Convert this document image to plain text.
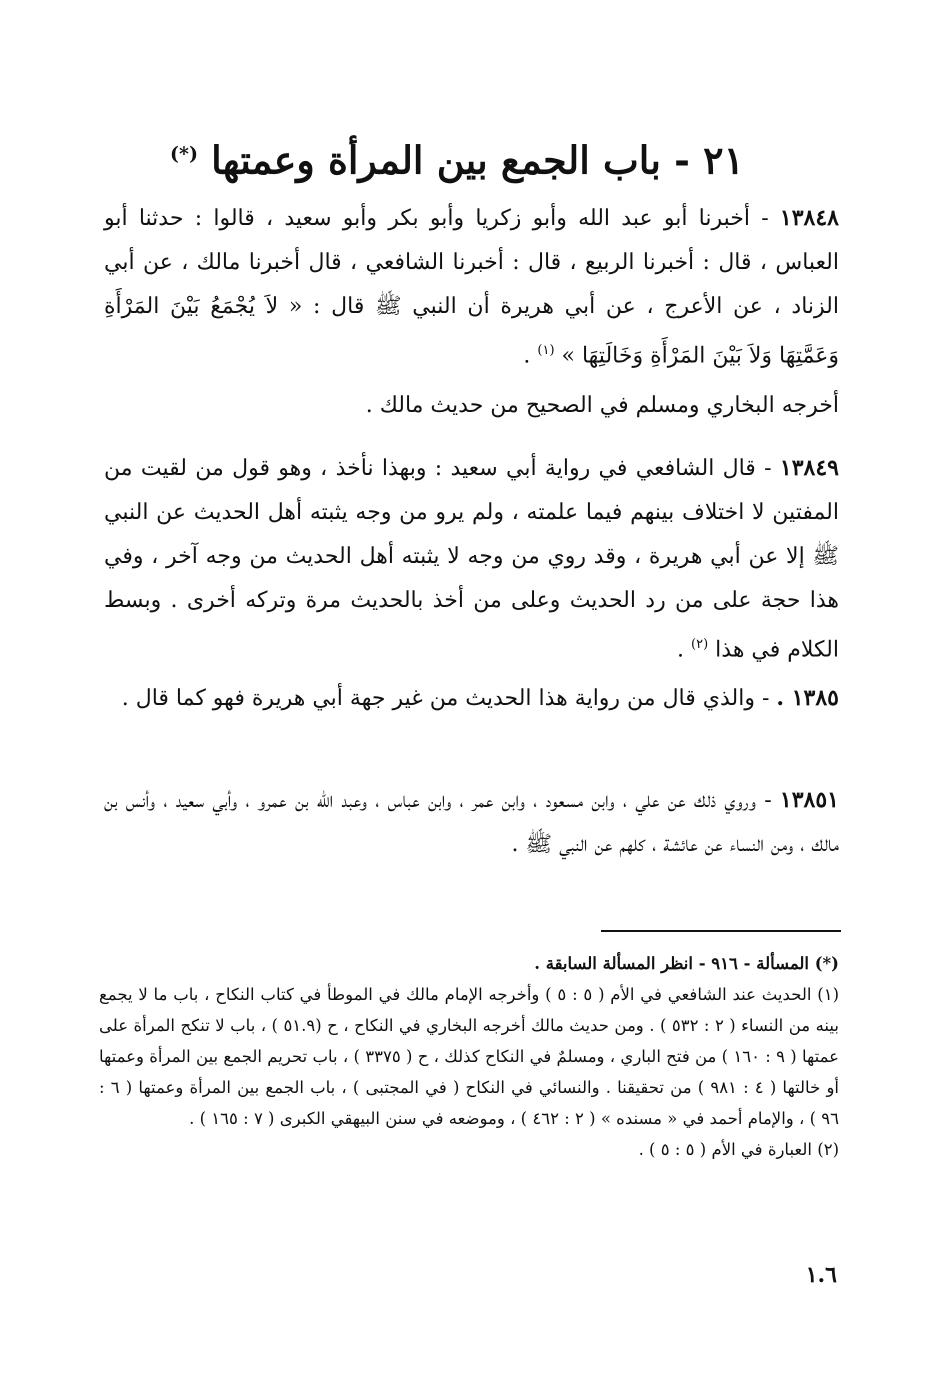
٢١ - باب الجمع بين المرأة وعمتها (*)
١٣٨٤٨ - أخبرنا أبو عبد الله وأبو زكريا وأبو بكر وأبو سعيد ، قالوا : حدثنا أبو العباس ، قال : أخبرنا الربيع ، قال : أخبرنا الشافعي ، قال أخبرنا مالك ، عن أبي الزناد ، عن الأعرج ، عن أبي هريرة أن النبي ﷺ قال : « لاَ يُجْمَعُ بَيْنَ المَرْأَةِ وَعَمَّتِهَا وَلاَ بَيْنَ المَرْأَةِ وَخَالَتِهَا » $^{(١)}$ .
أخرجه البخاري ومسلم في الصحيح من حديث مالك .
١٣٨٤٩ - قال الشافعي في رواية أبي سعيد : وبهذا نأخذ ، وهو قول من لقيت من المفتين لا اختلاف بينهم فيما علمته ، ولم يرو من وجه يثبته أهل الحديث عن النبي ﷺ إلا عن أبي هريرة ، وقد روي من وجه لا يثبته أهل الحديث من وجه آخر ، وفي هذا حجة على من رد الحديث وعلى من أخذ بالحديث مرة وتركه أخرى . وبسط الكلام في هذا $^{(٢)}$ .
١٣٨٥ . - والذي قال من رواية هذا الحديث من غير جهة أبي هريرة فهو كما قال .
١٣٨٥١ - وروي ذلك عن علي ، وابن مسعود ، وابن عمر ، وابن عباس ، وعبد الله بن عمرو ، وأبي سعيد ، وأنس بن مالك ، ومن النساء عن عائشة ، كلهم عن النبي ﷺ .

(*) المسألة - ٩١٦ - انظر المسألة السابقة .

(١) الحديث عند الشافعي في الأم ( ٥ : ٥ ) وأخرجه الإمام مالك في الموطأ في كتاب النكاح ، باب ما لا يجمع بينه من النساء ( ٢ : ٥٣٢ ) . ومن حديث مالك أخرجه البخاري في النكاح ، ح (٥١.٩ ) ، باب لا تنكح المرأة على عمتها ( ٩ : ١٦٠ ) من فتح الباري ، ومسلمٌ في النكاح كذلك ، ح ( ٣٣٧٥ ) ، باب تحريم الجمع بين المرأة وعمتها أو خالتها ( ٤ : ٩٨١ ) من تحقيقنا . والنسائي في النكاح ( في المجتبى ) ، باب الجمع بين المرأة وعمتها ( ٦ : ٩٦ ) ، والإمام أحمد في « مسنده » ( ٢ : ٤٦٢ ) ، وموضعه في سنن البيهقي الكبرى ( ٧ : ١٦٥ ) .

(٢) العبارة في الأم ( ٥ : ٥ ) .

١.٦
